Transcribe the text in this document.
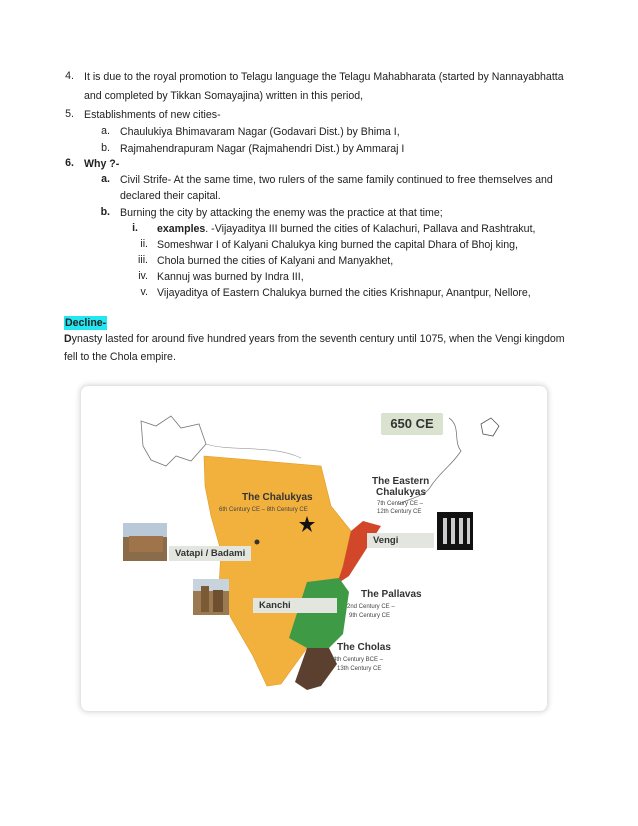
4. It is due to the royal promotion to Telagu language the Telagu Mahabharata (started by Nannayabhatta
and completed by Tikkan Somayajina) written in this period,
5. Establishments of new cities-
a. Chaulukiya Bhimavaram Nagar (Godavari Dist.) by Bhima I,
b. Rajmahendrapuram Nagar (Rajmahendri Dist.) by Ammaraj I
6. Why ?-
a. Civil Strife- At the same time, two rulers of the same family continued to free themselves and
declared their capital.
b. Burning the city by attacking the enemy was the practice at that time;
i. examples. -Vijayaditya III burned the cities of Kalachuri, Pallava and Rashtrakut,
ii. Someshwar I of Kalyani Chalukya king burned the capital Dhara of Bhoj king,
iii. Chola burned the cities of Kalyani and Manyakhet,
iv. Kannuj was burned by Indra III,
v. Vijayaditya of Eastern Chalukya burned the cities Krishnapur, Anantpur, Nellore,
Decline-
Dynasty lasted for around five hundred years from the seventh century until 1075, when the Vengi kingdom
fell to the Chola empire.
650 CE
The Chalukyas
6th Century CE – 8th Century CE
The Eastern
Chalukyas
7th Century CE –
12th Century CE
The Pallavas
2nd Century CE –
9th Century CE
The Cholas
4th Century BCE –
13th Century CE
Vatapi / Badami
Vengi
Kanchi
